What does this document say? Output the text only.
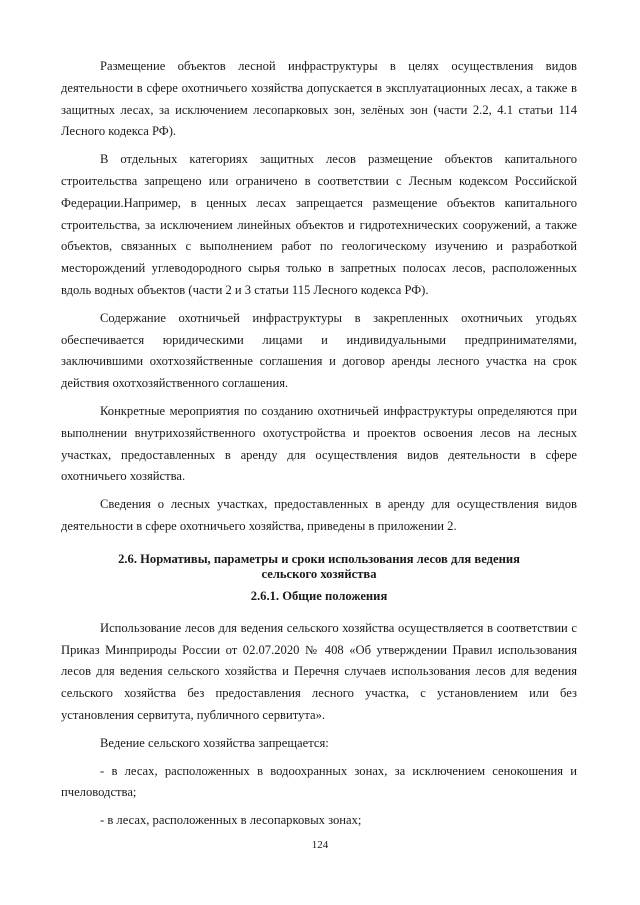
Размещение объектов лесной инфраструктуры в целях осуществления видов деятельности в сфере охотничьего хозяйства допускается в эксплуатационных лесах, а также в защитных лесах, за исключением лесопарковых зон, зелёных зон (части 2.2, 4.1 статьи 114 Лесного кодекса РФ).

В отдельных категориях защитных лесов размещение объектов капитального строительства запрещено или ограничено в соответствии с Лесным кодексом Российской Федерации.Например, в ценных лесах запрещается размещение объектов капитального строительства, за исключением линейных объектов и гидротехнических сооружений, а также объектов, связанных с выполнением работ по геологическому изучению и разработкой месторождений углеводородного сырья только в запретных полосах лесов, расположенных вдоль водных объектов (части 2 и 3 статьи 115 Лесного кодекса РФ).

Содержание охотничьей инфраструктуры в закрепленных охотничьих угодьях обеспечивается юридическими лицами и индивидуальными предпринимателями, заключившими охотхозяйственные соглашения и договор аренды лесного участка на срок действия охотхозяйственного соглашения.

Конкретные мероприятия по созданию охотничьей инфраструктуры определяются при выполнении внутрихозяйственного охотустройства и проектов освоения лесов на лесных участках, предоставленных в аренду для осуществления видов деятельности в сфере охотничьего хозяйства.

Сведения о лесных участках, предоставленных в аренду для осуществления видов деятельности в сфере охотничьего хозяйства, приведены в приложении 2.

2.6. Нормативы, параметры и сроки использования лесов для ведения
сельского хозяйства
2.6.1. Общие положения

Использование лесов для ведения сельского хозяйства осуществляется в соответствии с Приказ Минприроды России от 02.07.2020 № 408 «Об утверждении Правил использования лесов для ведения сельского хозяйства и Перечня случаев использования лесов для ведения сельского хозяйства без предоставления лесного участка, с установлением или без установления сервитута, публичного сервитута».

Ведение сельского хозяйства запрещается:

- в лесах, расположенных в водоохранных зонах, за исключением сенокошения и пчеловодства;

- в лесах, расположенных в лесопарковых зонах;

124
